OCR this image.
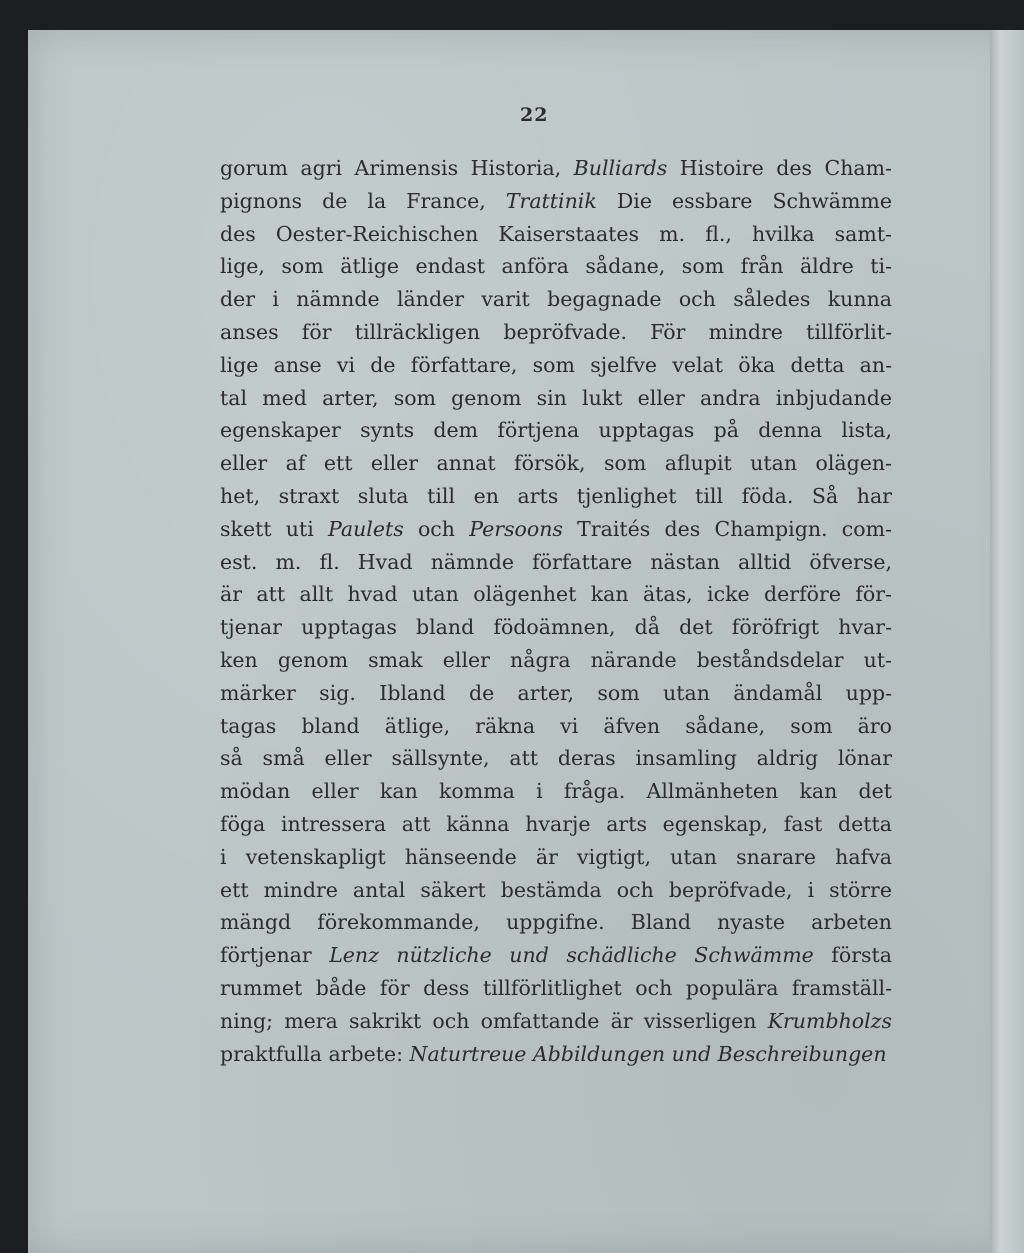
22
gorum agri Arimensis Historia, Bulliards Histoire des Cham-
pignons de la France, Trattinik Die essbare Schwämme
des Oester-Reichischen Kaiserstaates m. fl., hvilka samt-
lige, som ätlige endast anföra sådane, som från äldre ti-
der i nämnde länder varit begagnade och således kunna
anses för tillräckligen bepröfvade. För mindre tillförlit-
lige anse vi de författare, som sjelfve velat öka detta an-
tal med arter, som genom sin lukt eller andra inbjudande
egenskaper synts dem förtjena upptagas på denna lista,
eller af ett eller annat försök, som aflupit utan olägen-
het, straxt sluta till en arts tjenlighet till föda. Så har
skett uti Paulets och Persoons Traités des Champign. com-
est. m. fl. Hvad nämnde författare nästan alltid öfverse,
är att allt hvad utan olägenhet kan ätas, icke derföre för-
tjenar upptagas bland födoämnen, då det föröfrigt hvar-
ken genom smak eller några närande beståndsdelar ut-
märker sig. Ibland de arter, som utan ändamål upp-
tagas bland ätlige, räkna vi äfven sådane, som äro
så små eller sällsynte, att deras insamling aldrig lönar
mödan eller kan komma i fråga. Allmänheten kan det
föga intressera att känna hvarje arts egenskap, fast detta
i vetenskapligt hänseende är vigtigt, utan snarare hafva
ett mindre antal säkert bestämda och bepröfvade, i större
mängd förekommande, uppgifne. Bland nyaste arbeten
förtjenar Lenz nützliche und schädliche Schwämme första
rummet både för dess tillförlitlighet och populära framställ-
ning; mera sakrikt och omfattande är visserligen Krumbholzs
praktfulla arbete: Naturtreue Abbildungen und Beschreibungen
